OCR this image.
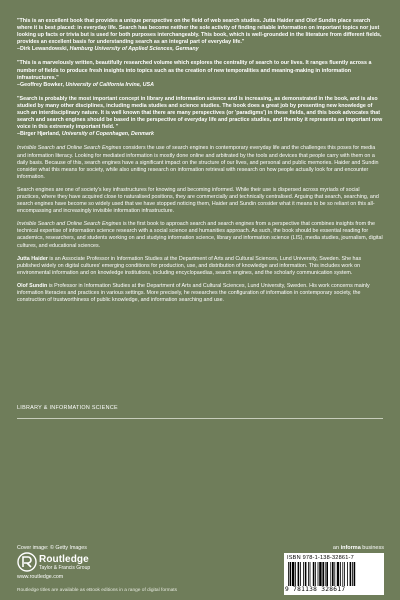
"This is an excellent book that provides a unique perspective on the field of web search studies. Jutta Haider and Olof Sundin place search where it is best placed: in everyday life. Search has become neither the sole activity of finding reliable information on important topics nor just looking up facts or trivia but is used for both purposes interchangeably. This book, which is well-grounded in the literature from different fields, provides an excellent basis for understanding search as an integral part of everyday life."
–Dirk Lewandowski, Hamburg University of Applied Sciences, Germany
"This is a marvelously written, beautifully researched volume which explores the centrality of search to our lives. It ranges fluently across a number of fields to produce fresh insights into topics such as the creation of new temporalities and meaning-making in information infrastructures."
–Geoffrey Bowker, University of California Irvine, USA
"Search is probably the most important concept in library and information science and is increasing, as demonstrated in the book, and is also studied by many other disciplines, including media studies and science studies. The book does a great job by presenting new knowledge of such an interdisciplinary nature. It is well known that there are many perspectives (or 'paradigms') in these fields, and this book advocates that search and search engines should be based in the perspective of everyday life and practice studies, and thereby it represents an important new voice in this extremely important field. "
–Birger Hjørland, University of Copenhagen, Denmark

Invisible Search and Online Search Engines considers the use of search engines in contemporary everyday life and the challenges this poses for media and information literacy. Looking for mediated information is mostly done online and arbitrated by the tools and devices that people carry with them on a daily basis. Because of this, search engines have a significant impact on the structure of our lives, and personal and public memories. Haider and Sundin consider what this means for society, while also uniting research on information retrieval with research on how people actually look for and encounter information.

Search engines are one of society's key infrastructures for knowing and becoming informed. While their use is dispersed across myriads of social practices, where they have acquired close to naturalised positions, they are commercially and technically centralised. Arguing that search, searching, and search engines have become so widely used that we have stopped noticing them, Haider and Sundin consider what it means to be so reliant on this all-encompassing and increasingly invisible information infrastructure.

Invisible Search and Online Search Engines is the first book to approach search and search engines from a perspective that combines insights from the technical expertise of information science research with a social science and humanities approach. As such, the book should be essential reading for academics, researchers, and students working on and studying information science, library and information science (LIS), media studies, journalism, digital cultures, and educational sciences.

Jutta Haider is an Associate Professor in Information Studies at the Department of Arts and Cultural Sciences, Lund University, Sweden. She has published widely on digital cultures' emerging conditions for production, use, and distribution of knowledge and information. This includes work on environmental information and on knowledge institutions, including encyclopaedias, search engines, and the scholarly communication system.

Olof Sundin is Professor in Information Studies at the Department of Arts and Cultural Sciences, Lund University, Sweden. His work concerns mainly information literacies and practices in various settings. More precisely, he researches the configuration of information in contemporary society, the construction of trustworthiness of public knowledge, and information searching and use.

LIBRARY & INFORMATION SCIENCE
Cover image: © Getty Images
Routledge
Taylor & Francis Group
www.routledge.com
Routledge titles are available as eBook editions in a range of digital formats
an informa business
ISBN 978-1-138-32861-7
9 781138 328617
